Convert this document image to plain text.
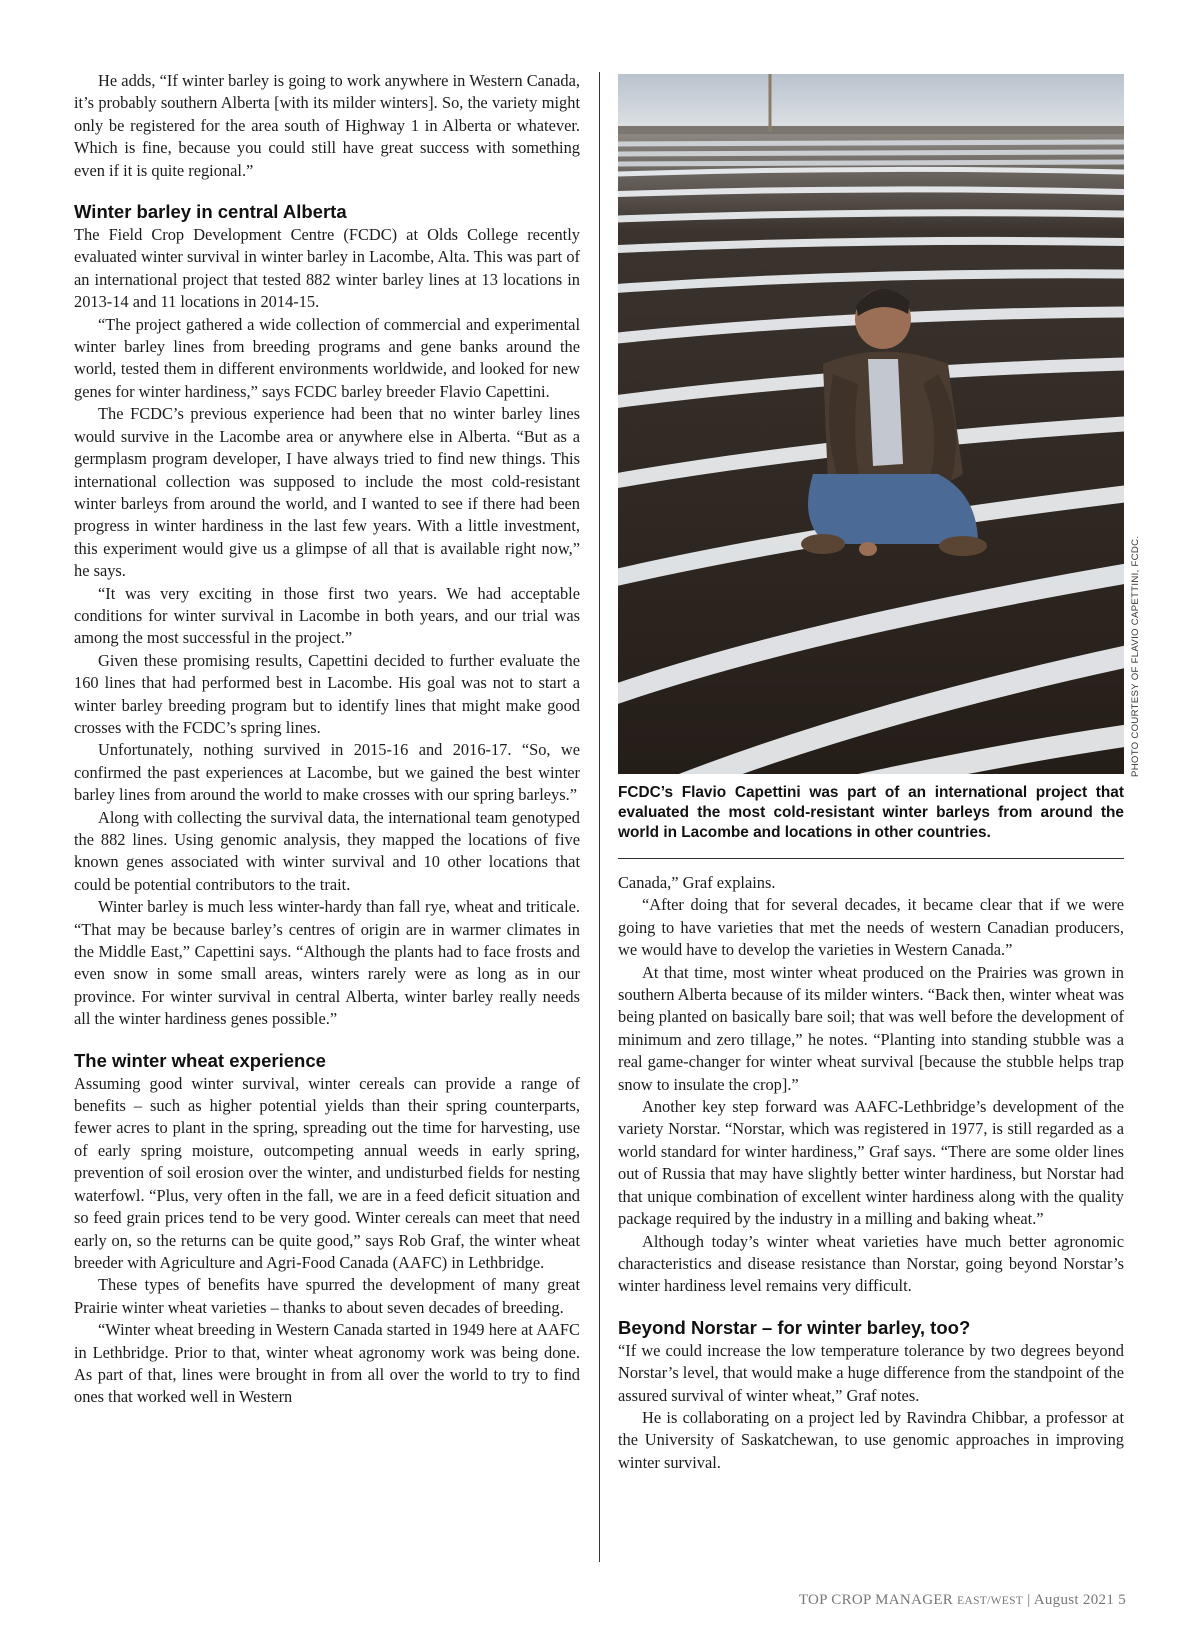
He adds, “If winter barley is going to work anywhere in Western Canada, it’s probably southern Alberta [with its milder winters]. So, the variety might only be registered for the area south of Highway 1 in Alberta or whatever. Which is fine, because you could still have great success with something even if it is quite regional.”

Winter barley in central Alberta

The Field Crop Development Centre (FCDC) at Olds College recently evaluated winter survival in winter barley in Lacombe, Alta. This was part of an international project that tested 882 winter barley lines at 13 locations in 2013-14 and 11 locations in 2014-15.

“The project gathered a wide collection of commercial and experimental winter barley lines from breeding programs and gene banks around the world, tested them in different environments worldwide, and looked for new genes for winter hardiness,” says FCDC barley breeder Flavio Capettini.

The FCDC’s previous experience had been that no winter barley lines would survive in the Lacombe area or anywhere else in Alberta. “But as a germplasm program developer, I have always tried to find new things. This international collection was supposed to include the most cold-resistant winter barleys from around the world, and I wanted to see if there had been progress in winter hardiness in the last few years. With a little investment, this experiment would give us a glimpse of all that is available right now,” he says.

“It was very exciting in those first two years. We had acceptable conditions for winter survival in Lacombe in both years, and our trial was among the most successful in the project.”

Given these promising results, Capettini decided to further evaluate the 160 lines that had performed best in Lacombe. His goal was not to start a winter barley breeding program but to identify lines that might make good crosses with the FCDC’s spring lines.

Unfortunately, nothing survived in 2015-16 and 2016-17. “So, we confirmed the past experiences at Lacombe, but we gained the best winter barley lines from around the world to make crosses with our spring barleys.”

Along with collecting the survival data, the international team genotyped the 882 lines. Using genomic analysis, they mapped the locations of five known genes associated with winter survival and 10 other locations that could be potential contributors to the trait.

Winter barley is much less winter-hardy than fall rye, wheat and triticale. “That may be because barley’s centres of origin are in warmer climates in the Middle East,” Capettini says. “Although the plants had to face frosts and even snow in some small areas, winters rarely were as long as in our province. For winter survival in central Alberta, winter barley really needs all the winter hardiness genes possible.”

The winter wheat experience

Assuming good winter survival, winter cereals can provide a range of benefits – such as higher potential yields than their spring counterparts, fewer acres to plant in the spring, spreading out the time for harvesting, use of early spring moisture, outcompeting annual weeds in early spring, prevention of soil erosion over the winter, and undisturbed fields for nesting waterfowl. “Plus, very often in the fall, we are in a feed deficit situation and so feed grain prices tend to be very good. Winter cereals can meet that need early on, so the returns can be quite good,” says Rob Graf, the winter wheat breeder with Agriculture and Agri-Food Canada (AAFC) in Lethbridge.

These types of benefits have spurred the development of many great Prairie winter wheat varieties – thanks to about seven decades of breeding.

“Winter wheat breeding in Western Canada started in 1949 here at AAFC in Lethbridge. Prior to that, winter wheat agronomy work was being done. As part of that, lines were brought in from all over the world to try to find ones that worked well in Western

PHOTO COURTESY OF FLAVIO CAPETTINI, FCDC.
FCDC’s Flavio Capettini was part of an international project that evaluated the most cold-resistant winter barleys from around the world in Lacombe and locations in other countries.

Canada,” Graf explains.

“After doing that for several decades, it became clear that if we were going to have varieties that met the needs of western Canadian producers, we would have to develop the varieties in Western Canada.”

At that time, most winter wheat produced on the Prairies was grown in southern Alberta because of its milder winters. “Back then, winter wheat was being planted on basically bare soil; that was well before the development of minimum and zero tillage,” he notes. “Planting into standing stubble was a real game-changer for winter wheat survival [because the stubble helps trap snow to insulate the crop].”

Another key step forward was AAFC-Lethbridge’s development of the variety Norstar. “Norstar, which was registered in 1977, is still regarded as a world standard for winter hardiness,” Graf says. “There are some older lines out of Russia that may have slightly better winter hardiness, but Norstar had that unique combination of excellent winter hardiness along with the quality package required by the industry in a milling and baking wheat.”

Although today’s winter wheat varieties have much better agronomic characteristics and disease resistance than Norstar, going beyond Norstar’s winter hardiness level remains very difficult.

Beyond Norstar – for winter barley, too?

“If we could increase the low temperature tolerance by two degrees beyond Norstar’s level, that would make a huge difference from the standpoint of the assured survival of winter wheat,” Graf notes.

He is collaborating on a project led by Ravindra Chibbar, a professor at the University of Saskatchewan, to use genomic approaches in improving winter survival.

TOP CROP MANAGER EAST/WEST | August 2021 5
